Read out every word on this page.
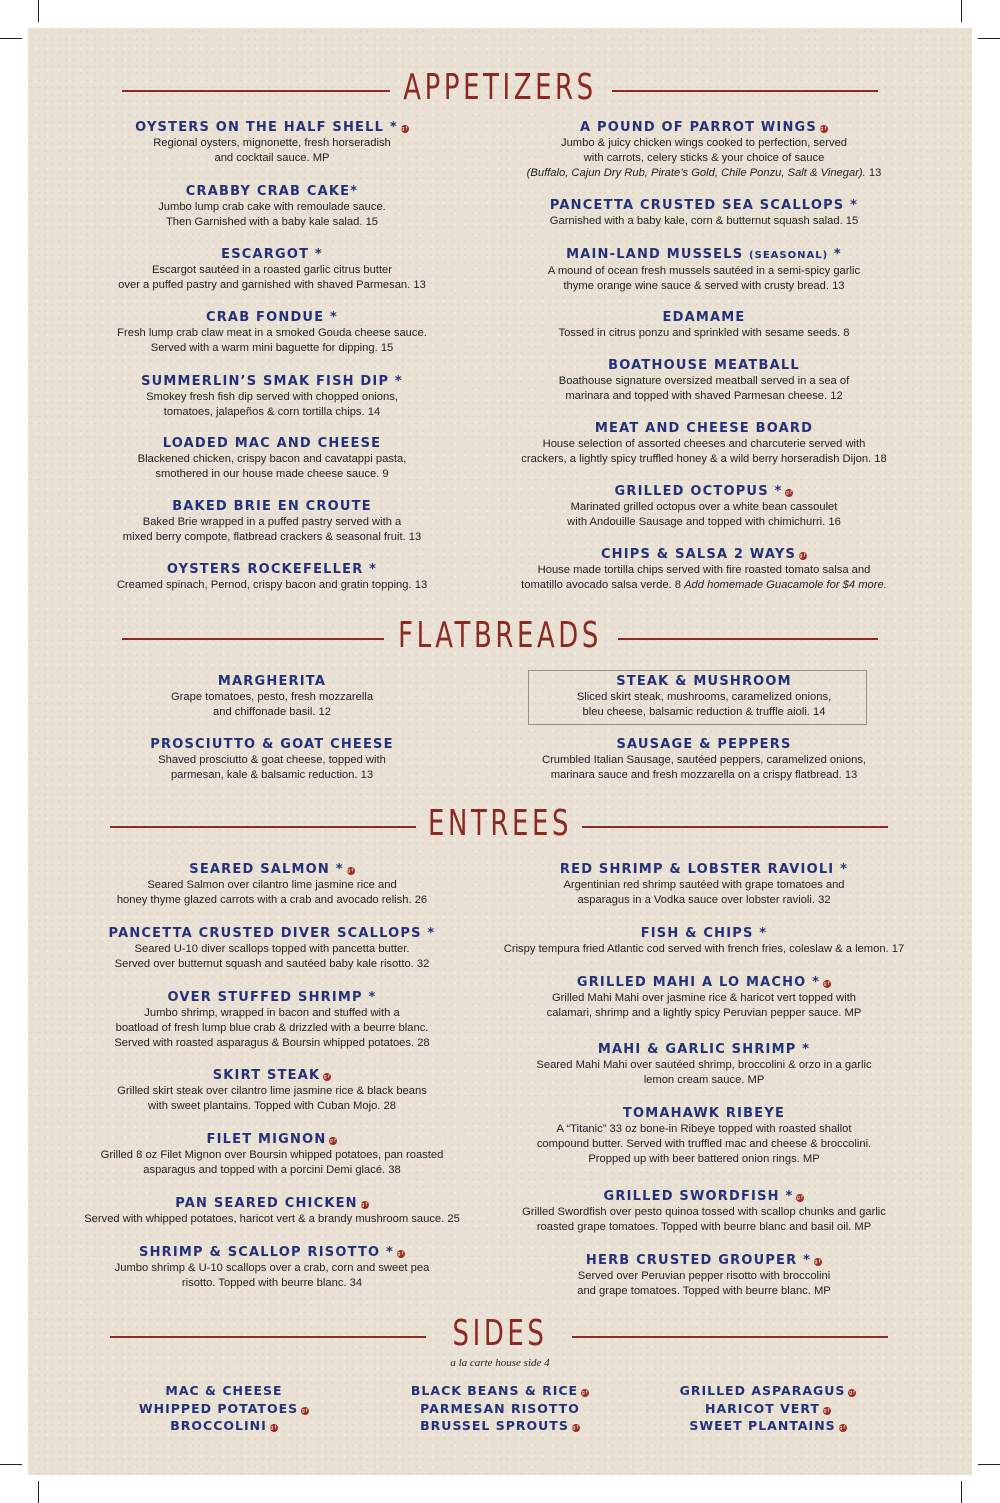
APPETIZERS
FLATBREADS
ENTREES
SIDES
a la carte house side 4
OYSTERS ON THE HALF SHELL * gf
Regional oysters, mignonette, fresh horseradish
and cocktail sauce. MP
CRABBY CRAB CAKE*
Jumbo lump crab cake with remoulade sauce.
Then Garnished with a baby kale salad. 15
ESCARGOT *
Escargot sautéed in a roasted garlic citrus butter
over a puffed pastry and garnished with shaved Parmesan. 13
CRAB FONDUE *
Fresh lump crab claw meat in a smoked Gouda cheese sauce.
Served with a warm mini baguette for dipping. 15
SUMMERLIN’S SMAK FISH DIP *
Smokey fresh fish dip served with chopped onions,
tomatoes, jalapeños & corn tortilla chips. 14
LOADED MAC AND CHEESE
Blackened chicken, crispy bacon and cavatappi pasta,
smothered in our house made cheese sauce. 9
BAKED BRIE EN CROUTE
Baked Brie wrapped in a puffed pastry served with a
mixed berry compote, flatbread crackers & seasonal fruit. 13
OYSTERS ROCKEFELLER *
Creamed spinach, Pernod, crispy bacon and gratin topping. 13
A POUND OF PARROT WINGS gf
Jumbo & juicy chicken wings cooked to perfection, served
with carrots, celery sticks & your choice of sauce
(Buffalo, Cajun Dry Rub, Pirate’s Gold, Chile Ponzu, Salt & Vinegar). 13
PANCETTA CRUSTED SEA SCALLOPS *
Garnished with a baby kale, corn & butternut squash salad. 15
MAIN-LAND MUSSELS (SEASONAL) *
A mound of ocean fresh mussels sautéed in a semi-spicy garlic
thyme orange wine sauce & served with crusty bread. 13
EDAMAME
Tossed in citrus ponzu and sprinkled with sesame seeds. 8
BOATHOUSE MEATBALL
Boathouse signature oversized meatball served in a sea of
marinara and topped with shaved Parmesan cheese. 12
MEAT AND CHEESE BOARD
House selection of assorted cheeses and charcuterie served with
crackers, a lightly spicy truffled honey & a wild berry horseradish Dijon. 18
GRILLED OCTOPUS * gf
Marinated grilled octopus over a white bean cassoulet
with Andouille Sausage and topped with chimichurri. 16
CHIPS & SALSA 2 WAYS gf
House made tortilla chips served with fire roasted tomato salsa and
tomatillo avocado salsa verde. 8 Add homemade Guacamole for $4 more.
MARGHERITA
Grape tomatoes, pesto, fresh mozzarella
and chiffonade basil. 12
PROSCIUTTO & GOAT CHEESE
Shaved prosciutto & goat cheese, topped with
parmesan, kale & balsamic reduction. 13
STEAK & MUSHROOM
Sliced skirt steak, mushrooms, caramelized onions,
bleu cheese, balsamic reduction & truffle aioli. 14
SAUSAGE & PEPPERS
Crumbled Italian Sausage, sautéed peppers, caramelized onions,
marinara sauce and fresh mozzarella on a crispy flatbread. 13
SEARED SALMON * gf
Seared Salmon over cilantro lime jasmine rice and
honey thyme glazed carrots with a crab and avocado relish. 26
PANCETTA CRUSTED DIVER SCALLOPS *
Seared U-10 diver scallops topped with pancetta butter.
Served over butternut squash and sautéed baby kale risotto. 32
OVER STUFFED SHRIMP *
Jumbo shrimp, wrapped in bacon and stuffed with a
boatload of fresh lump blue crab & drizzled with a beurre blanc.
Served with roasted asparagus & Boursin whipped potatoes. 28
SKIRT STEAK gf
Grilled skirt steak over cilantro lime jasmine rice & black beans
with sweet plantains. Topped with Cuban Mojo. 28
FILET MIGNON gf
Grilled 8 oz Filet Mignon over Boursin whipped potatoes, pan roasted
asparagus and topped with a porcini Demi glacé. 38
PAN SEARED CHICKEN gf
Served with whipped potatoes, haricot vert & a brandy mushroom sauce. 25
SHRIMP & SCALLOP RISOTTO * gf
Jumbo shrimp & U-10 scallops over a crab, corn and sweet pea
risotto. Topped with beurre blanc. 34
RED SHRIMP & LOBSTER RAVIOLI *
Argentinian red shrimp sautéed with grape tomatoes and
asparagus in a Vodka sauce over lobster ravioli. 32
FISH & CHIPS *
Crispy tempura fried Atlantic cod served with french fries, coleslaw & a lemon. 17
GRILLED MAHI A LO MACHO * gf
Grilled Mahi Mahi over jasmine rice & haricot vert topped with
calamari, shrimp and a lightly spicy Peruvian pepper sauce. MP
MAHI & GARLIC SHRIMP *
Seared Mahi Mahi over sautéed shrimp, broccolini & orzo in a garlic
lemon cream sauce. MP
TOMAHAWK RIBEYE
A “Titanic” 33 oz bone-in Ribeye topped with roasted shallot
compound butter. Served with truffled mac and cheese & broccolini.
Propped up with beer battered onion rings. MP
GRILLED SWORDFISH * gf
Grilled Swordfish over pesto quinoa tossed with scallop chunks and garlic
roasted grape tomatoes. Topped with beurre blanc and basil oil. MP
HERB CRUSTED GROUPER * gf
Served over Peruvian pepper risotto with broccolini
and grape tomatoes. Topped with beurre blanc. MP
MAC & CHEESE
WHIPPED POTATOES gf
BROCCOLINI gf
BLACK BEANS & RICE gf
PARMESAN RISOTTO
BRUSSEL SPROUTS gf
GRILLED ASPARAGUS gf
HARICOT VERT gf
SWEET PLANTAINS gf
